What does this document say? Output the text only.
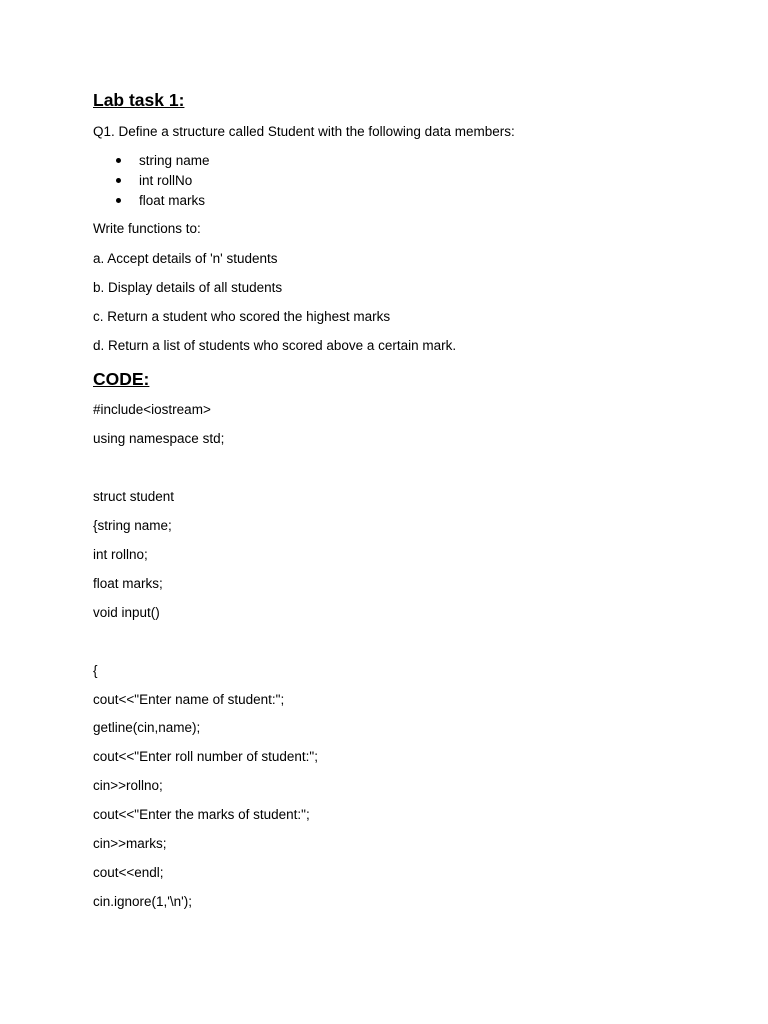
Lab task 1:
Q1. Define a structure called Student with the following data members:
string name
int rollNo
float marks
Write functions to:
a. Accept details of 'n' students
b. Display details of all students
c. Return a student who scored the highest marks
d. Return a list of students who scored above a certain mark.
CODE:
#include<iostream>
using namespace std;
struct student
{string name;
int rollno;
float marks;
void input()
{
cout<<"Enter name of student:";
getline(cin,name);
cout<<"Enter roll number of student:";
cin>>rollno;
cout<<"Enter the marks of student:";
cin>>marks;
cout<<endl;
cin.ignore(1,'\n');
